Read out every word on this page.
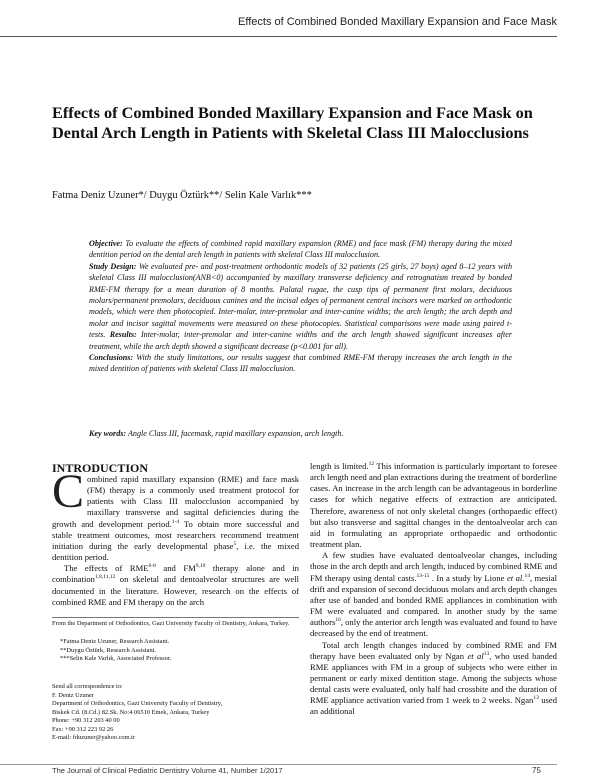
Effects of Combined Bonded Maxillary Expansion and Face Mask
Effects of Combined Bonded Maxillary Expansion and Face Mask on Dental Arch Length in Patients with Skeletal Class III Malocclusions
Fatma Deniz Uzuner*/ Duygu Öztürk**/ Selin Kale Varlık***

Objective: To evaluate the effects of combined rapid maxillary expansion (RME) and face mask (FM) therapy during the mixed dentition period on the dental arch length in patients with skeletal Class III malocclusion.

Study Design: We evaluated pre- and post-treatment orthodontic models of 32 patients (25 girls, 27 boys) aged 8–12 years with skeletal Class III malocclusion(ANB<0) accompanied by maxillary transverse deficiency and retrognatism treated by bonded RME-FM therapy for a mean duration of 8 months. Palatal rugae, the cusp tips of permanent first molars, deciduous molars/permanent premolars, deciduous canines and the incisal edges of permanent central incisors were marked on orthodontic models, which were then photocopied. Inter-molar, inter-premolar and inter-canine widths; the arch length; the arch depth and molar and incisor sagittal movements were measured on these photocopies. Statistical comparisons were made using paired t-tests. Results: Inter-molar, inter-premolar and inter-canine widths and the arch length showed significant increases after treatment, while the arch depth showed a significant decrease (p<0.001 for all).

Conclusions: With the study limitations, our results suggest that combined RME-FM therapy increases the arch length in the mixed dentition of patients with skeletal Class III malocclusion.

Key words: Angle Class III, facemask, rapid maxillary expansion, arch length.
INTRODUCTION

Combined rapid maxillary expansion (RME) and face mask (FM) therapy is a commonly used treatment protocol for patients with Class III malocclusion accompanied by maxillary transverse and sagittal deficiencies during the growth and development period.$^{1-4}$ To obtain more successful and stable treatment outcomes, most researchers recommend treatment initiation during the early developmental phase$^5$, i.e. the mixed dentition period.

The effects of RME$^{6-8}$ and FM$^{9,10}$ therapy alone and in combination$^{1,8,11,12}$ on skeletal and dentoalveolar structures are well documented in the literature. However, research on the effects of combined RME and FM therapy on the arch

From the Department of Orthodontics, Gazi University Faculty of Dentistry, Ankara, Turkey.
*Fatma Deniz Uzuner, Research Assistant.
**Duygu Öztürk, Research Assistant.
***Selin Kale Varlık, Associated Professor.
Send all correspondence to:
F. Deniz Uzuner
Department of Orthodontics, Gazi University Faculty of Dentistry,
Biskek Cd. (8.Cd.) 82.Sk. No:4 06510 Emek, Ankara, Turkey
Phone: +90 312 203 40 00
Fax: +90 312 223 92 26
E-mail: fduzuner@yahoo.com.tr

length is limited.$^{12}$ This information is particularly important to foresee arch length need and plan extractions during the treatment of borderline cases. An increase in the arch length can be advantageous in borderline cases for which negative effects of extraction are anticipated. Therefore, awareness of not only skeletal changes (orthopaedic effect) but also transverse and sagittal changes in the dentoalveolar arch can aid in formulating an appropriate orthopaedic and orthodontic treatment plan.

A few studies have evaluated dentoalveolar changes, including those in the arch depth and arch length, induced by combined RME and FM therapy using dental casts.$^{13-15}$ . In a study by Lione et al.$^{14}$, mesial drift and expansion of second deciduous molars and arch depth changes after use of banded and bonded RME appliances in combination with FM were evaluated and compared. In another study by the same authors$^{16}$, only the anterior arch length was evaluated and found to have decreased by the end of treatment.

Total arch length changes induced by combined RME and FM therapy have been evaluated only by Ngan et $al^{13}$, who used banded RME appliances with FM in a group of subjects who were either in permanent or early mixed dentition stage. Among the subjects whose dental casts were evaluated, only half had crossbite and the duration of RME appliance activation varied from 1 week to 2 weeks. Ngan$^{13}$ used an additional

The Journal of Clinical Pediatric Dentistry Volume 41, Number 1/2017	75
